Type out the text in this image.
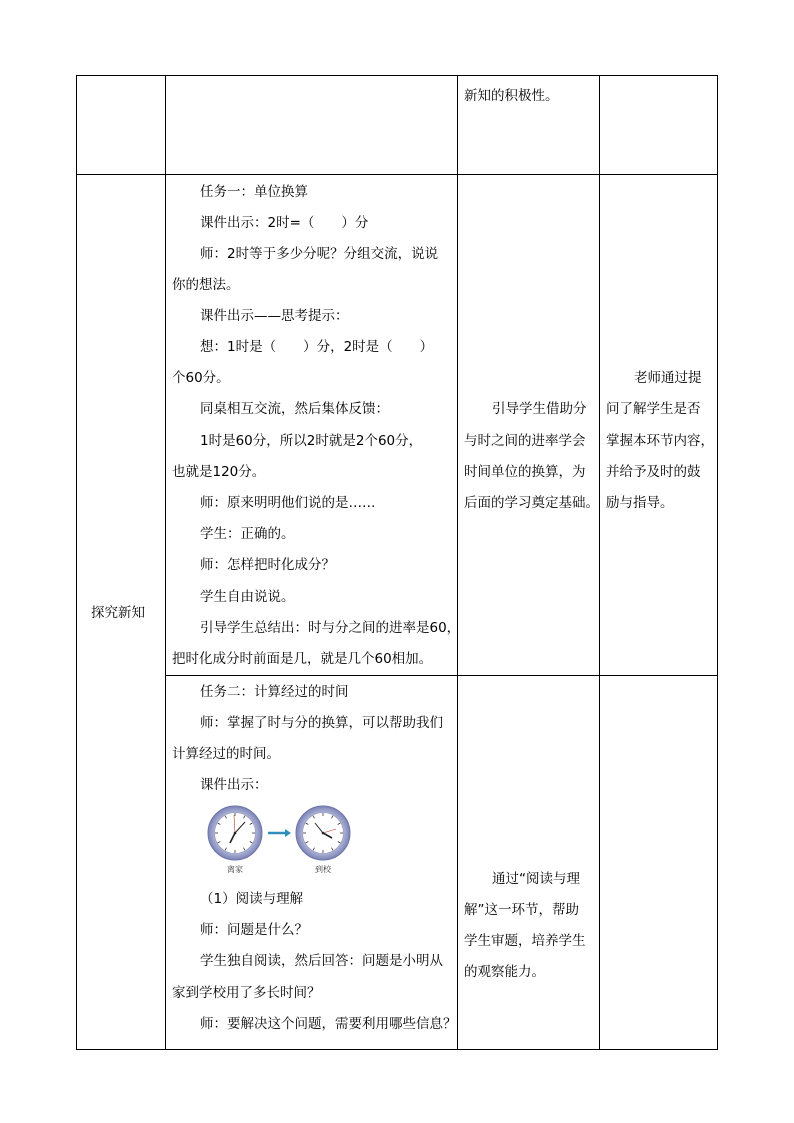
新知的积极性。
探究新知
任务一：单位换算
课件出示：2时=（　　）分
师：2时等于多少分呢？分组交流，说说
你的想法。
课件出示——思考提示：
想：1时是（　　）分，2时是（　　）
个60分。
同桌相互交流，然后集体反馈：
1时是60分，所以2时就是2个60分，
也就是120分。
师：原来明明他们说的是……
学生：正确的。
师：怎样把时化成分？
学生自由说说。
引导学生总结出：时与分之间的进率是60，
把时化成分时前面是几，就是几个60相加。
引导学生借助分
与时之间的进率学会
时间单位的换算，为
后面的学习奠定基础。
老师通过提
问了解学生是否
掌握本环节内容，
并给予及时的鼓
励与指导。
任务二：计算经过的时间
师：掌握了时与分的换算，可以帮助我们
计算经过的时间。
课件出示：
离家	到校
（1）阅读与理解
师：问题是什么？
学生独自阅读，然后回答：问题是小明从
家到学校用了多长时间？
师：要解决这个问题，需要利用哪些信息？
通过“阅读与理
解”这一环节，帮助
学生审题，培养学生
的观察能力。
